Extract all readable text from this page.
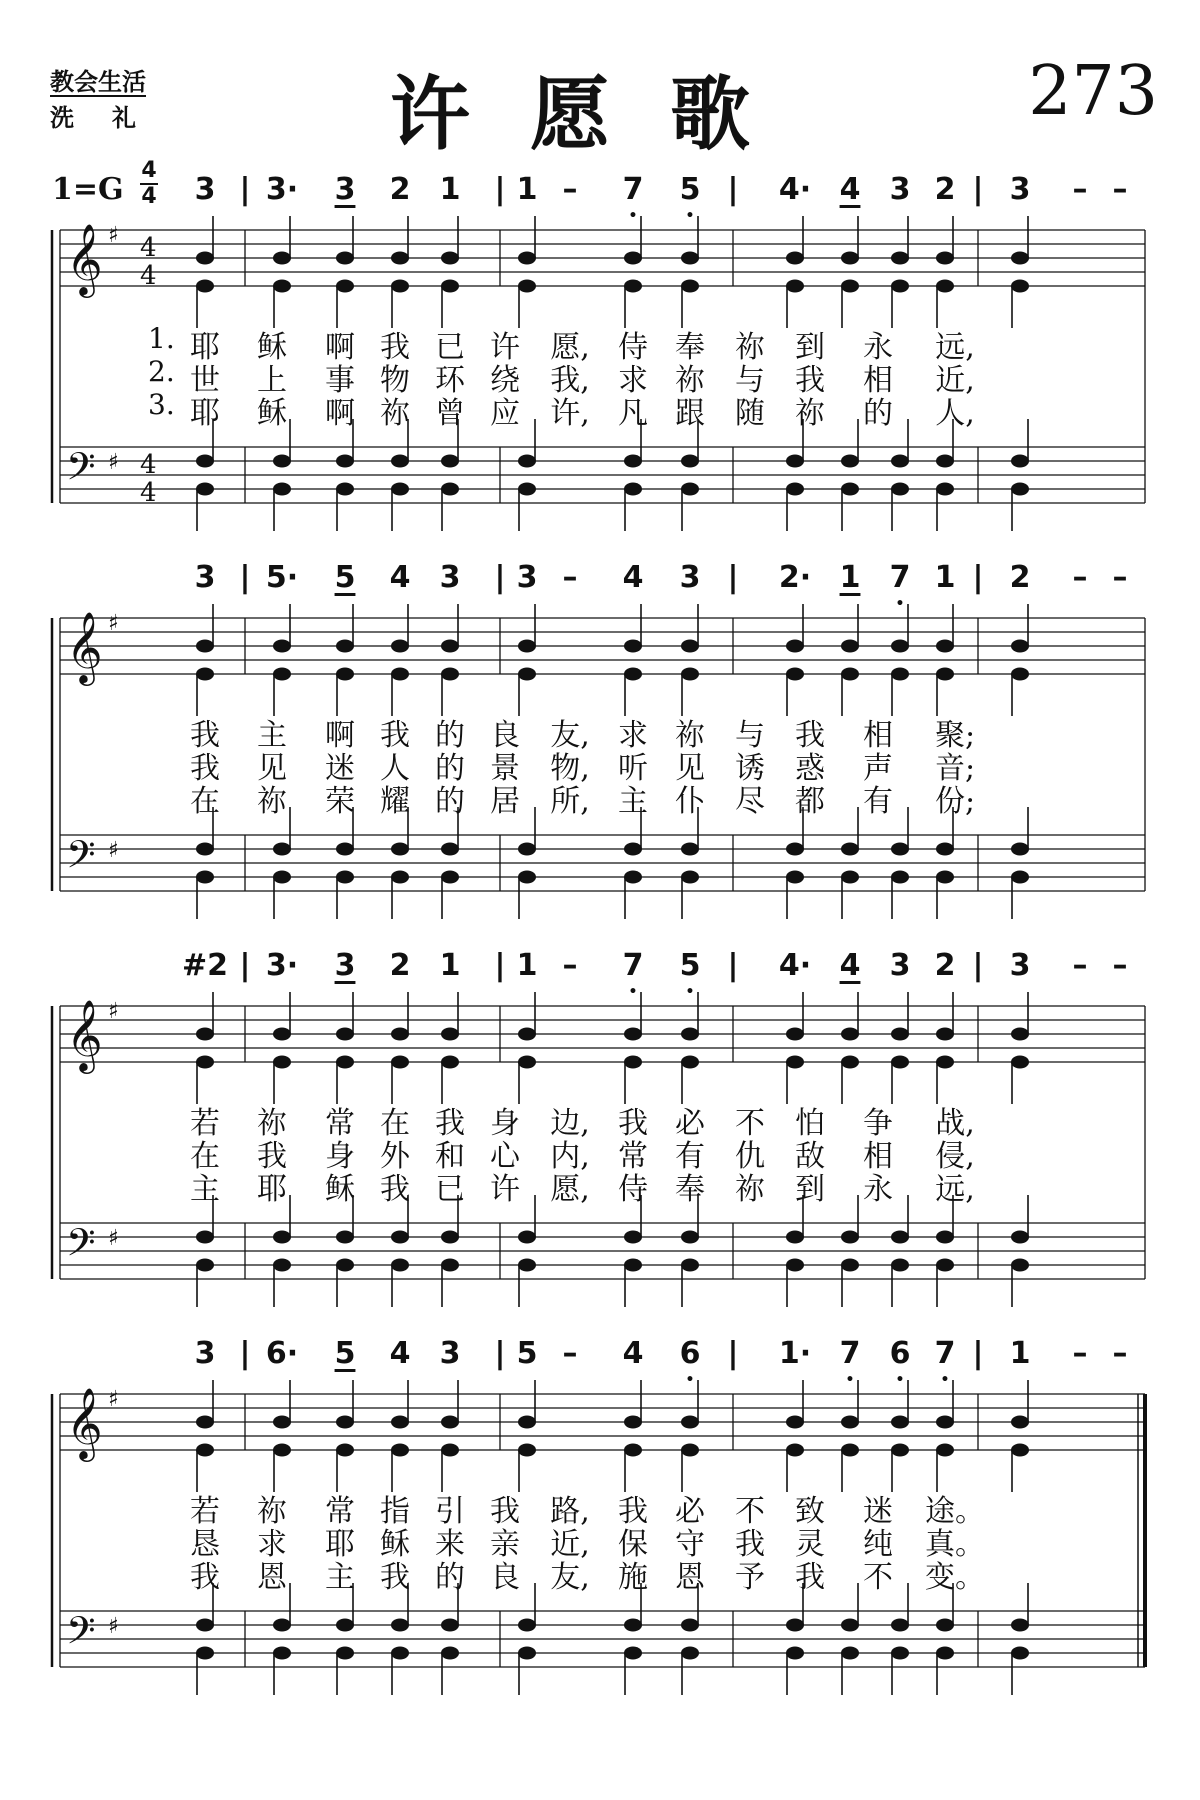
教会生活
洗礼	许愿歌	273
1=G
4
4
𝄞
𝄢
♯
♯
4
4
4
4
𝄞
𝄢
♯
♯
𝄞
𝄢
♯
♯
𝄞
𝄢
♯
♯
3 | 3· 3 2 1 | 1 – 7
•
5
•
| 4· 4 3 2 | 3 – –
1. 耶 稣 啊 我 已 许 愿, 侍 奉 祢 到 永 远,
2. 世 上 事 物 环 绕 我, 求 祢 与 我 相 近,
3. 耶 稣 啊 祢 曾 应 许, 凡 跟 随 祢 的 人,
3 | 5· 5 4 3 | 3 – 4 3 | 2· 1 7
•
1 | 2 – –
我 主 啊 我 的 良 友, 求 祢 与 我 相 聚;
我 见 迷 人 的 景 物, 听 见 诱 惑 声 音;
在 祢 荣 耀 的 居 所, 主 仆 尽 都 有 份;
#2 | 3· 3 2 1 | 1 – 7
•
5
•
| 4· 4 3 2 | 3 – –
若 祢 常 在 我 身 边, 我 必 不 怕 争 战,
在 我 身 外 和 心 内, 常 有 仇 敌 相 侵,
主 耶 稣 我 已 许 愿, 侍 奉 祢 到 永 远,
3 | 6· 5 4 3 | 5 – 4 6
•
| 1· 7
•
6
•
7
•
| 1 – –
若 祢 常 指 引 我 路, 我 必 不 致 迷 途。
恳 求 耶 稣 来 亲 近, 保 守 我 灵 纯 真。
我 恩 主 我 的 良 友, 施 恩 予 我 不 变。
